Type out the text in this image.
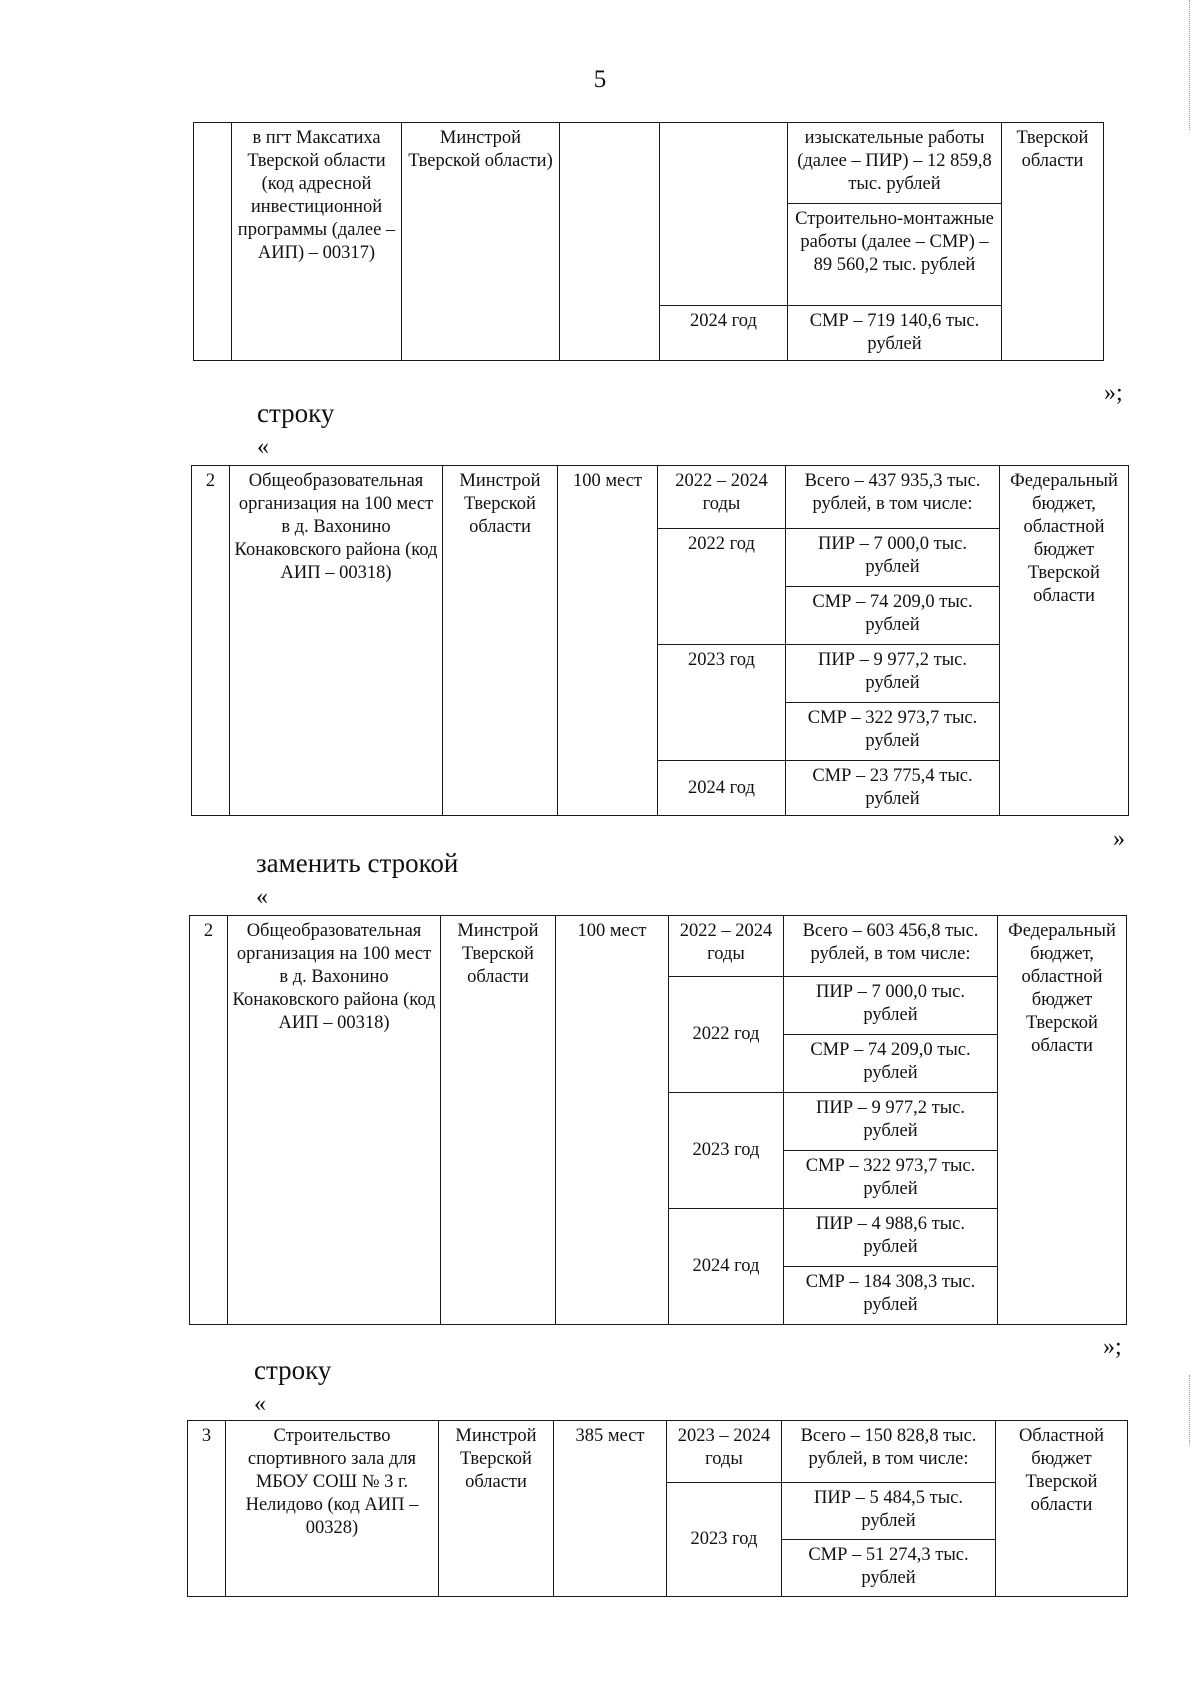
5
	в пгт Максатиха Тверской области (код адресной инвестиционной программы (далее – АИП) – 00317)	Минстрой Тверской области)			изыскательные работы (далее – ПИР) – 12 859,8 тыс. рублей	Тверской области
					Строительно-монтажные работы (далее – СМР) – 89 560,2 тыс. рублей	
				2024 год	СМР – 719 140,6 тыс. рублей	
»;
строку
«
2	Общеобразовательная организация на 100 мест в д. Вахонино Конаковского района (код АИП – 00318)	Минстрой Тверской области	100 мест	2022 – 2024 годы	Всего – 437 935,3 тыс. рублей, в том числе:	Федеральный бюджет, областной бюджет Тверской области
				2022 год	ПИР – 7 000,0 тыс. рублей	
					СМР – 74 209,0 тыс. рублей	
				2023 год	ПИР – 9 977,2 тыс. рублей	
					СМР – 322 973,7 тыс. рублей	
				2024 год	СМР – 23 775,4 тыс. рублей	
»
заменить строкой
«
2	Общеобразовательная организация на 100 мест в д. Вахонино Конаковского района (код АИП – 00318)	Минстрой Тверской области	100 мест	2022 – 2024 годы	Всего – 603 456,8 тыс. рублей, в том числе:	Федеральный бюджет, областной бюджет Тверской области
				2022 год	ПИР – 7 000,0 тыс. рублей	
					СМР – 74 209,0 тыс. рублей	
				2023 год	ПИР – 9 977,2 тыс. рублей	
					СМР – 322 973,7 тыс. рублей	
				2024 год	ПИР – 4 988,6 тыс. рублей	
					СМР – 184 308,3 тыс. рублей	
»;
строку
«
3	Строительство спортивного зала для МБОУ СОШ № 3 г. Нелидово (код АИП – 00328)	Минстрой Тверской области	385 мест	2023 – 2024 годы	Всего – 150 828,8 тыс. рублей, в том числе:	Областной бюджет Тверской области
				2023 год	ПИР – 5 484,5 тыс. рублей	
					СМР – 51 274,3 тыс. рублей	
